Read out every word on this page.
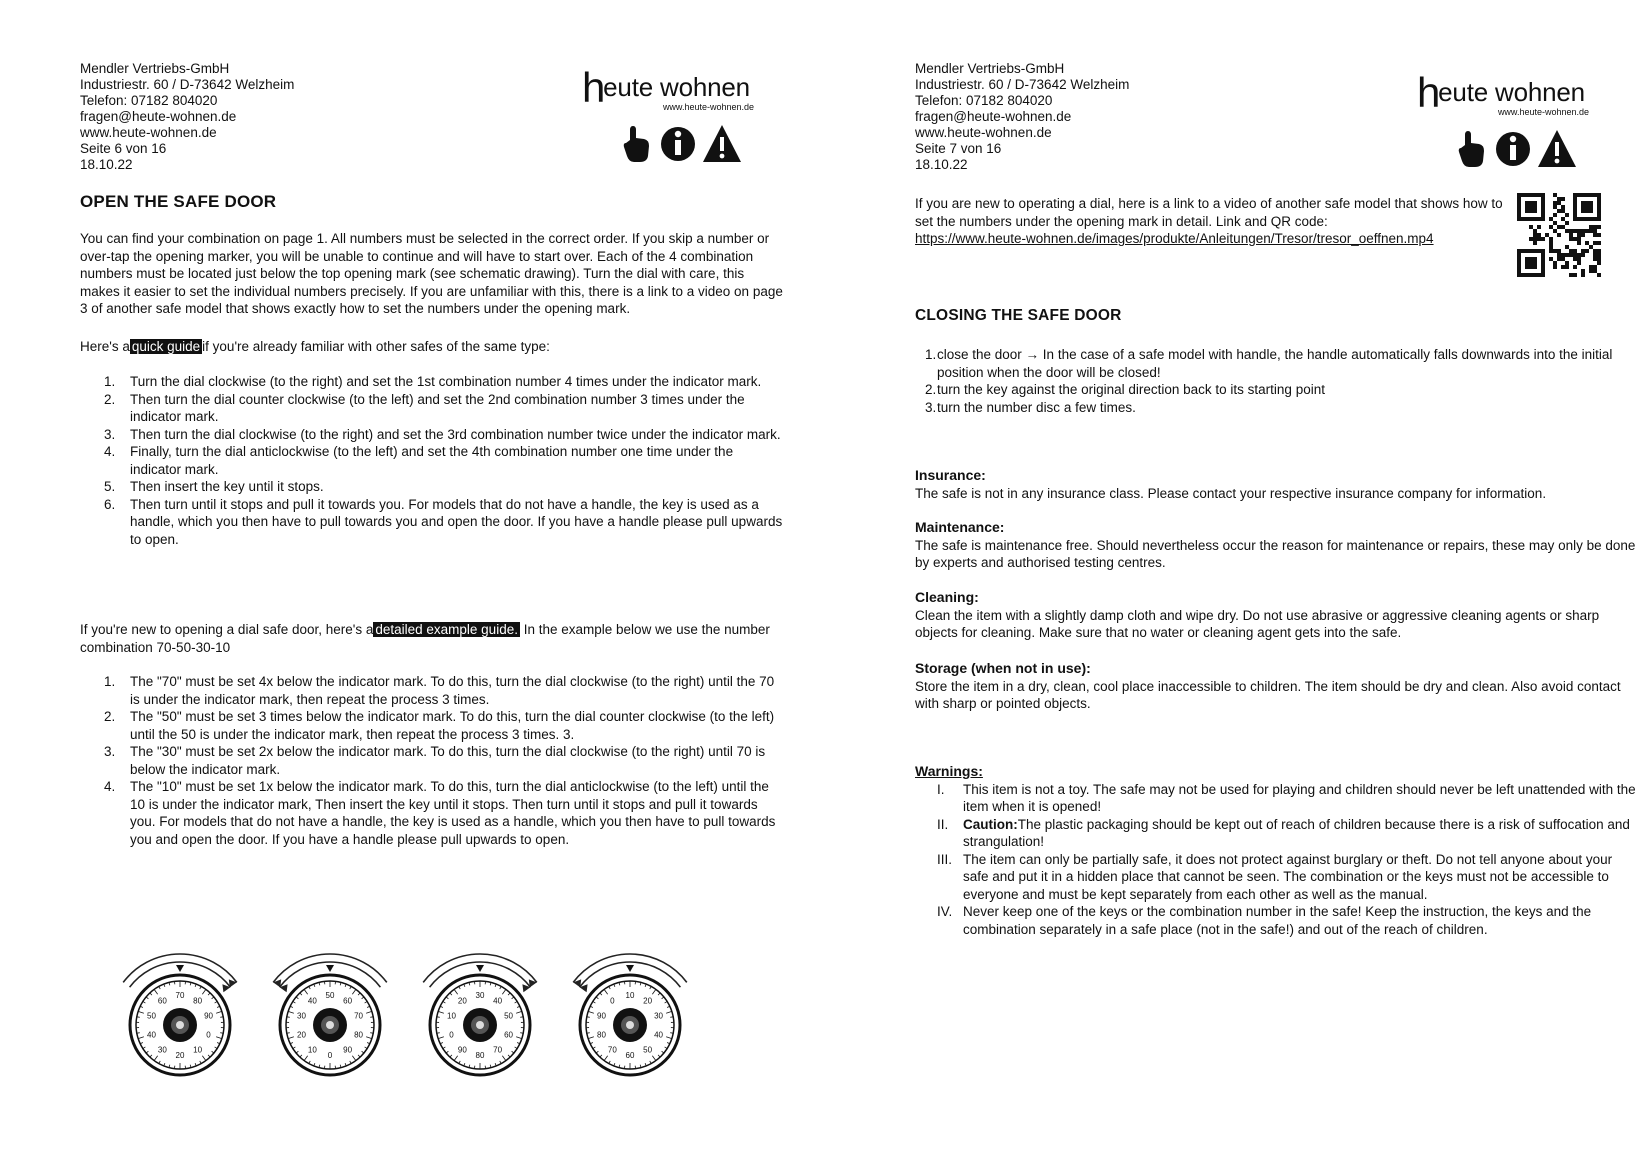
Mendler Vertriebs-GmbH
Industriestr. 60 / D-73642 Welzheim
Telefon: 07182 804020
fragen@heute-wohnen.de
www.heute-wohnen.de
Seite 6 von 16
18.10.22
heute wohnen
www.heute-wohnen.de
OPEN THE SAFE DOOR
You can find your combination on page 1. All numbers must be selected in the correct order. If you skip a number or over-tap the opening marker, you will be unable to continue and will have to start over. Each of the 4 combination numbers must be located just below the top opening mark (see schematic drawing). Turn the dial with care, this makes it easier to set the individual numbers precisely. If you are unfamiliar with this, there is a link to a video on page 3 of another safe model that shows exactly how to set the numbers under the opening mark.
Here's a quick guide if you're already familiar with other safes of the same type:
1. Turn the dial clockwise (to the right) and set the 1st combination number 4 times under the indicator mark.
2. Then turn the dial counter clockwise (to the left) and set the 2nd combination number 3 times under the indicator mark.
3. Then turn the dial clockwise (to the right) and set the 3rd combination number twice under the indicator mark.
4. Finally, turn the dial anticlockwise (to the left) and set the 4th combination number one time under the indicator mark.
5. Then insert the key until it stops.
6. Then turn until it stops and pull it towards you. For models that do not have a handle, the key is used as a handle, which you then have to pull towards you and open the door. If you have a handle please pull upwards to open.
If you're new to opening a dial safe door, here's a detailed example guide. In the example below we use the number combination 70-50-30-10
1. The "70" must be set 4x below the indicator mark. To do this, turn the dial clockwise (to the right) until the 70 is under the indicator mark, then repeat the process 3 times.
2. The "50" must be set 3 times below the indicator mark. To do this, turn the dial counter clockwise (to the left) until the 50 is under the indicator mark, then repeat the process 3 times. 3.
3. The "30" must be set 2x below the indicator mark. To do this, turn the dial clockwise (to the right) until 70 is below the indicator mark.
4. The "10" must be set 1x below the indicator mark. To do this, turn the dial anticlockwise (to the left) until the 10 is under the indicator mark, Then insert the key until it stops. Then turn until it stops and pull it towards you. For models that do not have a handle, the key is used as a handle, which you then have to pull towards you and open the door. If you have a handle please pull upwards to open.
70
80
90
0
10
20
30
40
50
60
50
60
70
80
90
0
10
20
30
40
30
40
50
60
70
80
90
0
10
20
10
20
30
40
50
60
70
80
90
0
Mendler Vertriebs-GmbH
Industriestr. 60 / D-73642 Welzheim
Telefon: 07182 804020
fragen@heute-wohnen.de
www.heute-wohnen.de
Seite 7 von 16
18.10.22
heute wohnen
www.heute-wohnen.de
If you are new to operating a dial, here is a link to a video of another safe model that shows how to set the numbers under the opening mark in detail. Link and QR code:
https://www.heute-wohnen.de/images/produkte/Anleitungen/Tresor/tresor_oeffnen.mp4
CLOSING THE SAFE DOOR
1. close the door → In the case of a safe model with handle, the handle automatically falls downwards into the initial position when the door will be closed!
2. turn the key against the original direction back to its starting point
3. turn the number disc a few times.
Insurance:
The safe is not in any insurance class. Please contact your respective insurance company for information.
Maintenance:
The safe is maintenance free. Should nevertheless occur the reason for maintenance or repairs, these may only be done by experts and authorised testing centres.
Cleaning:
Clean the item with a slightly damp cloth and wipe dry. Do not use abrasive or aggressive cleaning agents or sharp objects for cleaning. Make sure that no water or cleaning agent gets into the safe.
Storage (when not in use):
Store the item in a dry, clean, cool place inaccessible to children. The item should be dry and clean. Also avoid contact with sharp or pointed objects.
Warnings:
I. This item is not a toy. The safe may not be used for playing and children should never be left unattended with the item when it is opened!
II. Caution:The plastic packaging should be kept out of reach of children because there is a risk of suffocation and strangulation!
III. The item can only be partially safe, it does not protect against burglary or theft. Do not tell anyone about your safe and put it in a hidden place that cannot be seen. The combination or the keys must not be accessible to everyone and must be kept separately from each other as well as the manual.
IV. Never keep one of the keys or the combination number in the safe! Keep the instruction, the keys and the combination separately in a safe place (not in the safe!) and out of the reach of children.
